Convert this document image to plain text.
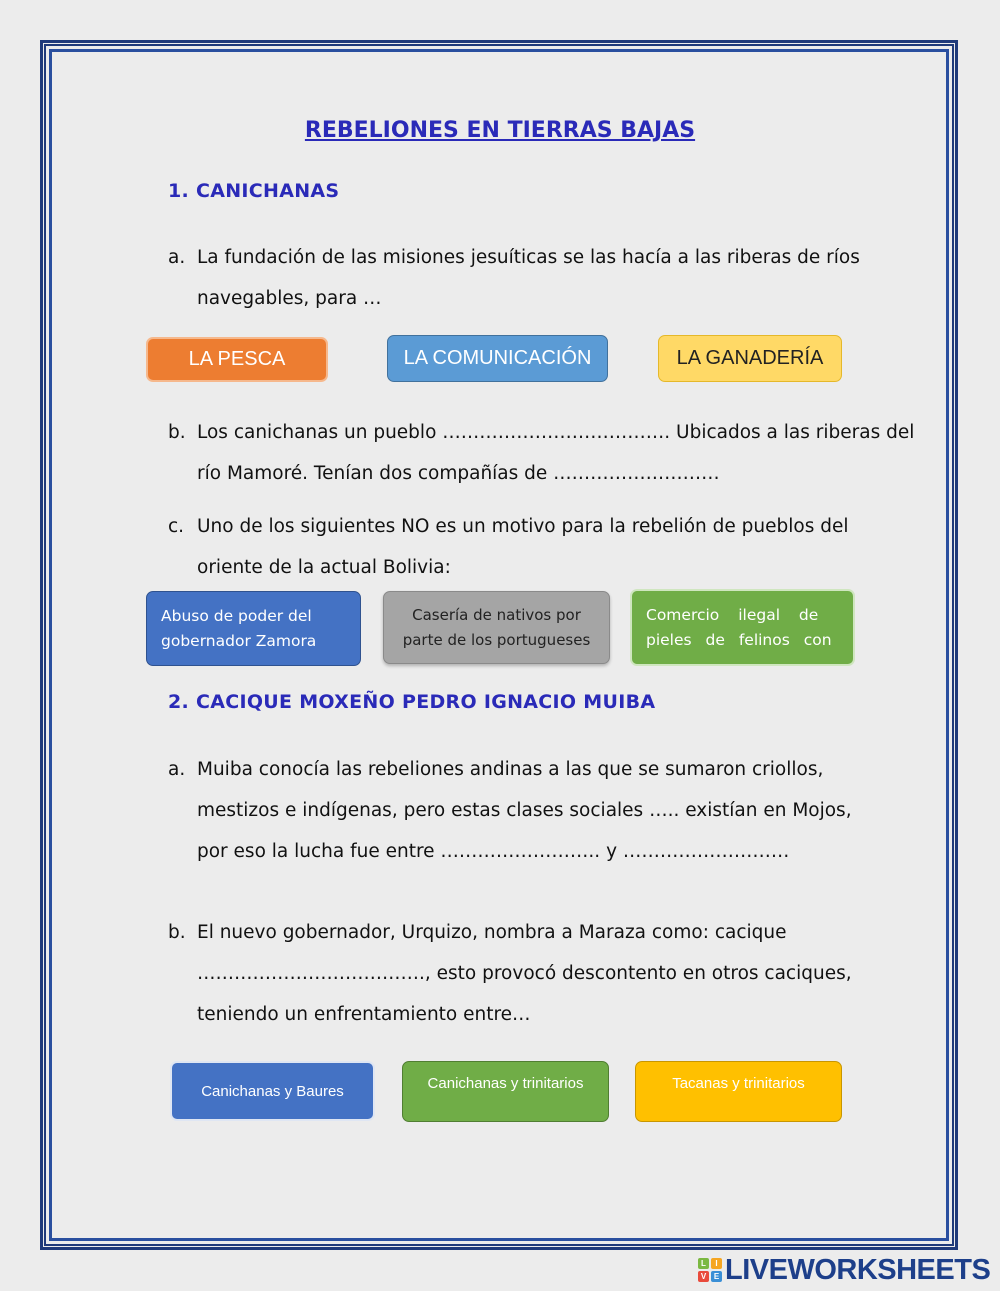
REBELIONES EN TIERRAS BAJAS
1. CANICHANAS
a. La fundación de las misiones jesuíticas se las hacía a las riberas de ríos
navegables, para …
LA PESCA	LA COMUNICACIÓN	LA GANADERÍA
b. Los canichanas un pueblo ………………………………. Ubicados a las riberas del
río Mamoré. Tenían dos compañías de ………………………
c. Uno de los siguientes NO es un motivo para la rebelión de pueblos del
oriente de la actual Bolivia:
Abuso de poder del
gobernador Zamora
Casería de nativos por
parte de los portugueses
Comercio ilegal de
pieles de felinos con
2. CACIQUE MOXEÑO PEDRO IGNACIO MUIBA
a. Muiba conocía las rebeliones andinas a las que se sumaron criollos,
mestizos e indígenas, pero estas clases sociales ….. existían en Mojos,
por eso la lucha fue entre …………………….. y ………………………
b. El nuevo gobernador, Urquizo, nombra a Maraza como: cacique
………………………………., esto provocó descontento en otros caciques,
teniendo un enfrentamiento entre…
Canichanas y Baures	Canichanas y trinitarios	Tacanas y trinitarios
L	I
V E LIVEWORKSHEETS
